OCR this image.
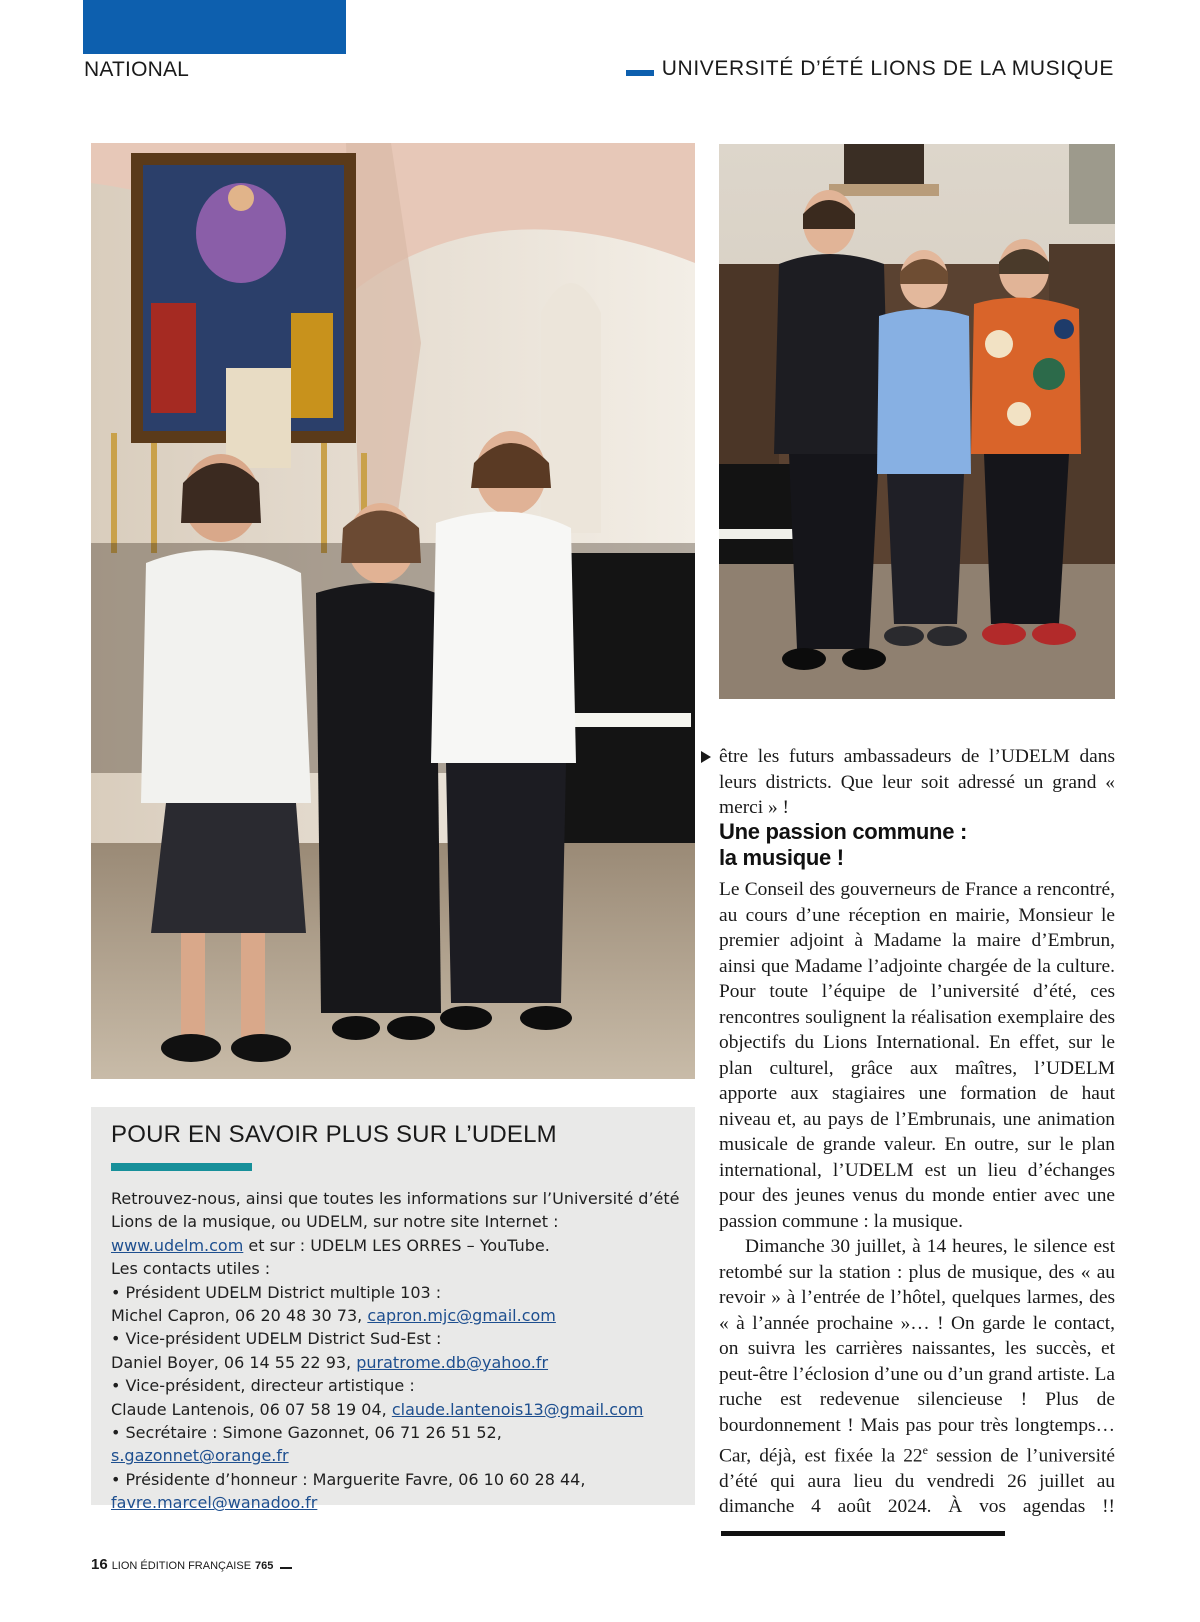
NATIONAL	UNIVERSITÉ D’ÉTÉ LIONS DE LA MUSIQUE
POUR EN SAVOIR PLUS SUR L’UDELM

Retrouvez-nous, ainsi que toutes les informations sur l’Université d’été Lions de la musique, ou UDELM, sur notre site Internet :
www.udelm.com et sur : UDELM LES ORRES – YouTube.

Les contacts utiles :

• Président UDELM District multiple 103 :
Michel Capron, 06 20 48 30 73, capron.mjc@gmail.com

• Vice-président UDELM District Sud-Est :
Daniel Boyer, 06 14 55 22 93, puratrome.db@yahoo.fr

• Vice-président, directeur artistique :
Claude Lantenois, 06 07 58 19 04, claude.lantenois13@gmail.com

• Secrétaire : Simone Gazonnet, 06 71 26 51 52, s.gazonnet@orange.fr

• Présidente d’honneur : Marguerite Favre, 06 10 60 28 44,
favre.marcel@wanadoo.fr

être les futurs ambassadeurs de l’UDELM dans leurs districts. Que leur soit adressé un grand « merci » !

Une passion commune :
la musique !

Le Conseil des gouverneurs de France a rencontré, au cours d’une réception en mairie, Monsieur le premier adjoint à Madame la maire d’Embrun, ainsi que Madame l’adjointe chargée de la culture. Pour toute l’équipe de l’université d’été, ces rencontres soulignent la réalisation exemplaire des objectifs du Lions International. En effet, sur le plan culturel, grâce aux maîtres, l’UDELM apporte aux stagiaires une formation de haut niveau et, au pays de l’Embrunais, une animation musicale de grande valeur. En outre, sur le plan international, l’UDELM est un lieu d’échanges pour des jeunes venus du monde entier avec une passion commune : la musique.

Dimanche 30 juillet, à 14 heures, le silence est retombé sur la station : plus de musique, des « au revoir » à l’entrée de l’hôtel, quelques larmes, des « à l’année prochaine »… ! On garde le contact, on suivra les carrières naissantes, les succès, et peut-être l’éclosion d’une ou d’un grand artiste. La ruche est redevenue silencieuse ! Plus de bourdonnement ! Mais pas pour très longtemps… Car, déjà, est fixée la 22e session de l’université d’été qui aura lieu du vendredi 26 juillet au dimanche 4 août 2024. À vos agendas !!

16 LION ÉDITION FRANÇAISE 765
